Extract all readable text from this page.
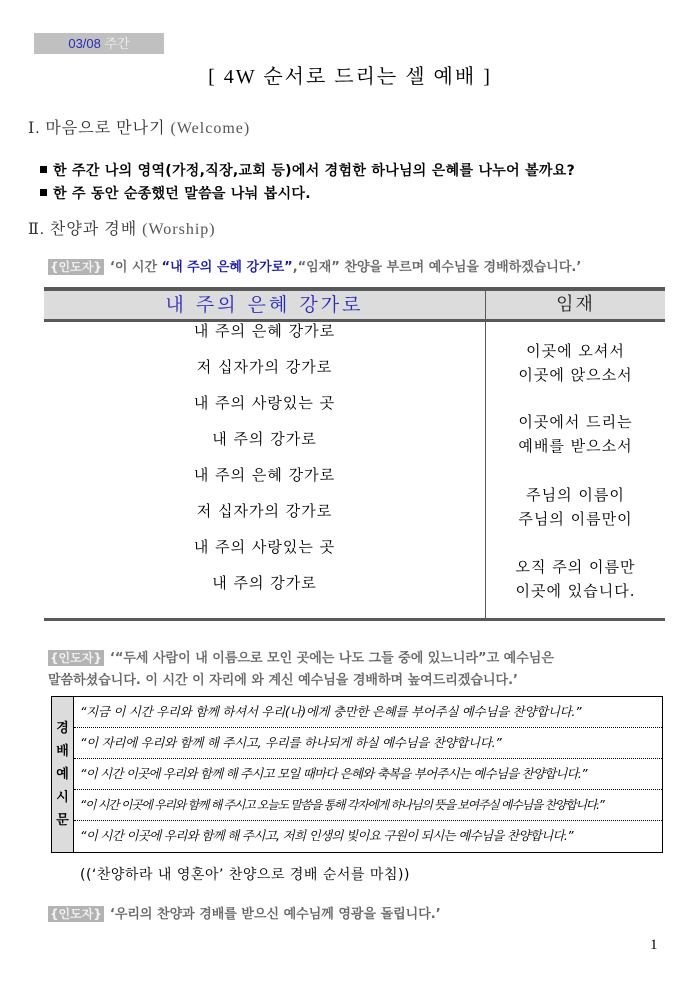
03/08 주간
[ 4W 순서로 드리는 셀 예배 ]
Ⅰ. 마음으로 만나기 (Welcome)
한 주간 나의 영역(가정,직장,교회 등)에서 경험한 하나님의 은혜를 나누어 볼까요?
한 주 동안 순종했던 말씀을 나눠 봅시다.
Ⅱ. 찬양과 경배 (Worship)
{인도자} ‘이 시간 “내 주의 은혜 강가로”,“임재” 찬양을 부르며 예수님을 경배하겠습니다.’
내 주의 은혜 강가로	임재
내 주의 은혜 강가로
저 십자가의 강가로
내 주의 사랑있는 곳
내 주의 강가로
내 주의 은혜 강가로
저 십자가의 강가로
내 주의 사랑있는 곳
내 주의 강가로
이곳에 오셔서
이곳에 앉으소서
이곳에서 드리는
예배를 받으소서
주님의 이름이
주님의 이름만이
오직 주의 이름만
이곳에 있습니다.
{인도자} ‘“두세 사람이 내 이름으로 모인 곳에는 나도 그들 중에 있느니라”고 예수님은
말씀하셨습니다. 이 시간 이 자리에 와 계신 예수님을 경배하며 높여드리겠습니다.’
경
배
예
시
문
“지금 이 시간 우리와 함께 하셔서 우리(나)에게 충만한 은혜를 부어주실 예수님을 찬양합니다.”
“이 자리에 우리와 함께 해 주시고, 우리를 하나되게 하실 예수님을 찬양합니다.”
“이 시간 이곳에 우리와 함께 해 주시고 모일 때마다 은혜와 축복을 부어주시는 예수님을 찬양합니다.”
“이 시간 이곳에 우리와 함께 해 주시고 오늘도 말씀을 통해 각자에게 하나님의 뜻을 보여주실 예수님을 찬양합니다.”
“이 시간 이곳에 우리와 함께 해 주시고, 저희 인생의 빛이요 구원이 되시는 예수님을 찬양합니다.”
((‘찬양하라 내 영혼아’ 찬양으로 경배 순서를 마침))
{인도자} ‘우리의 찬양과 경배를 받으신 예수님께 영광을 돌립니다.’
1
